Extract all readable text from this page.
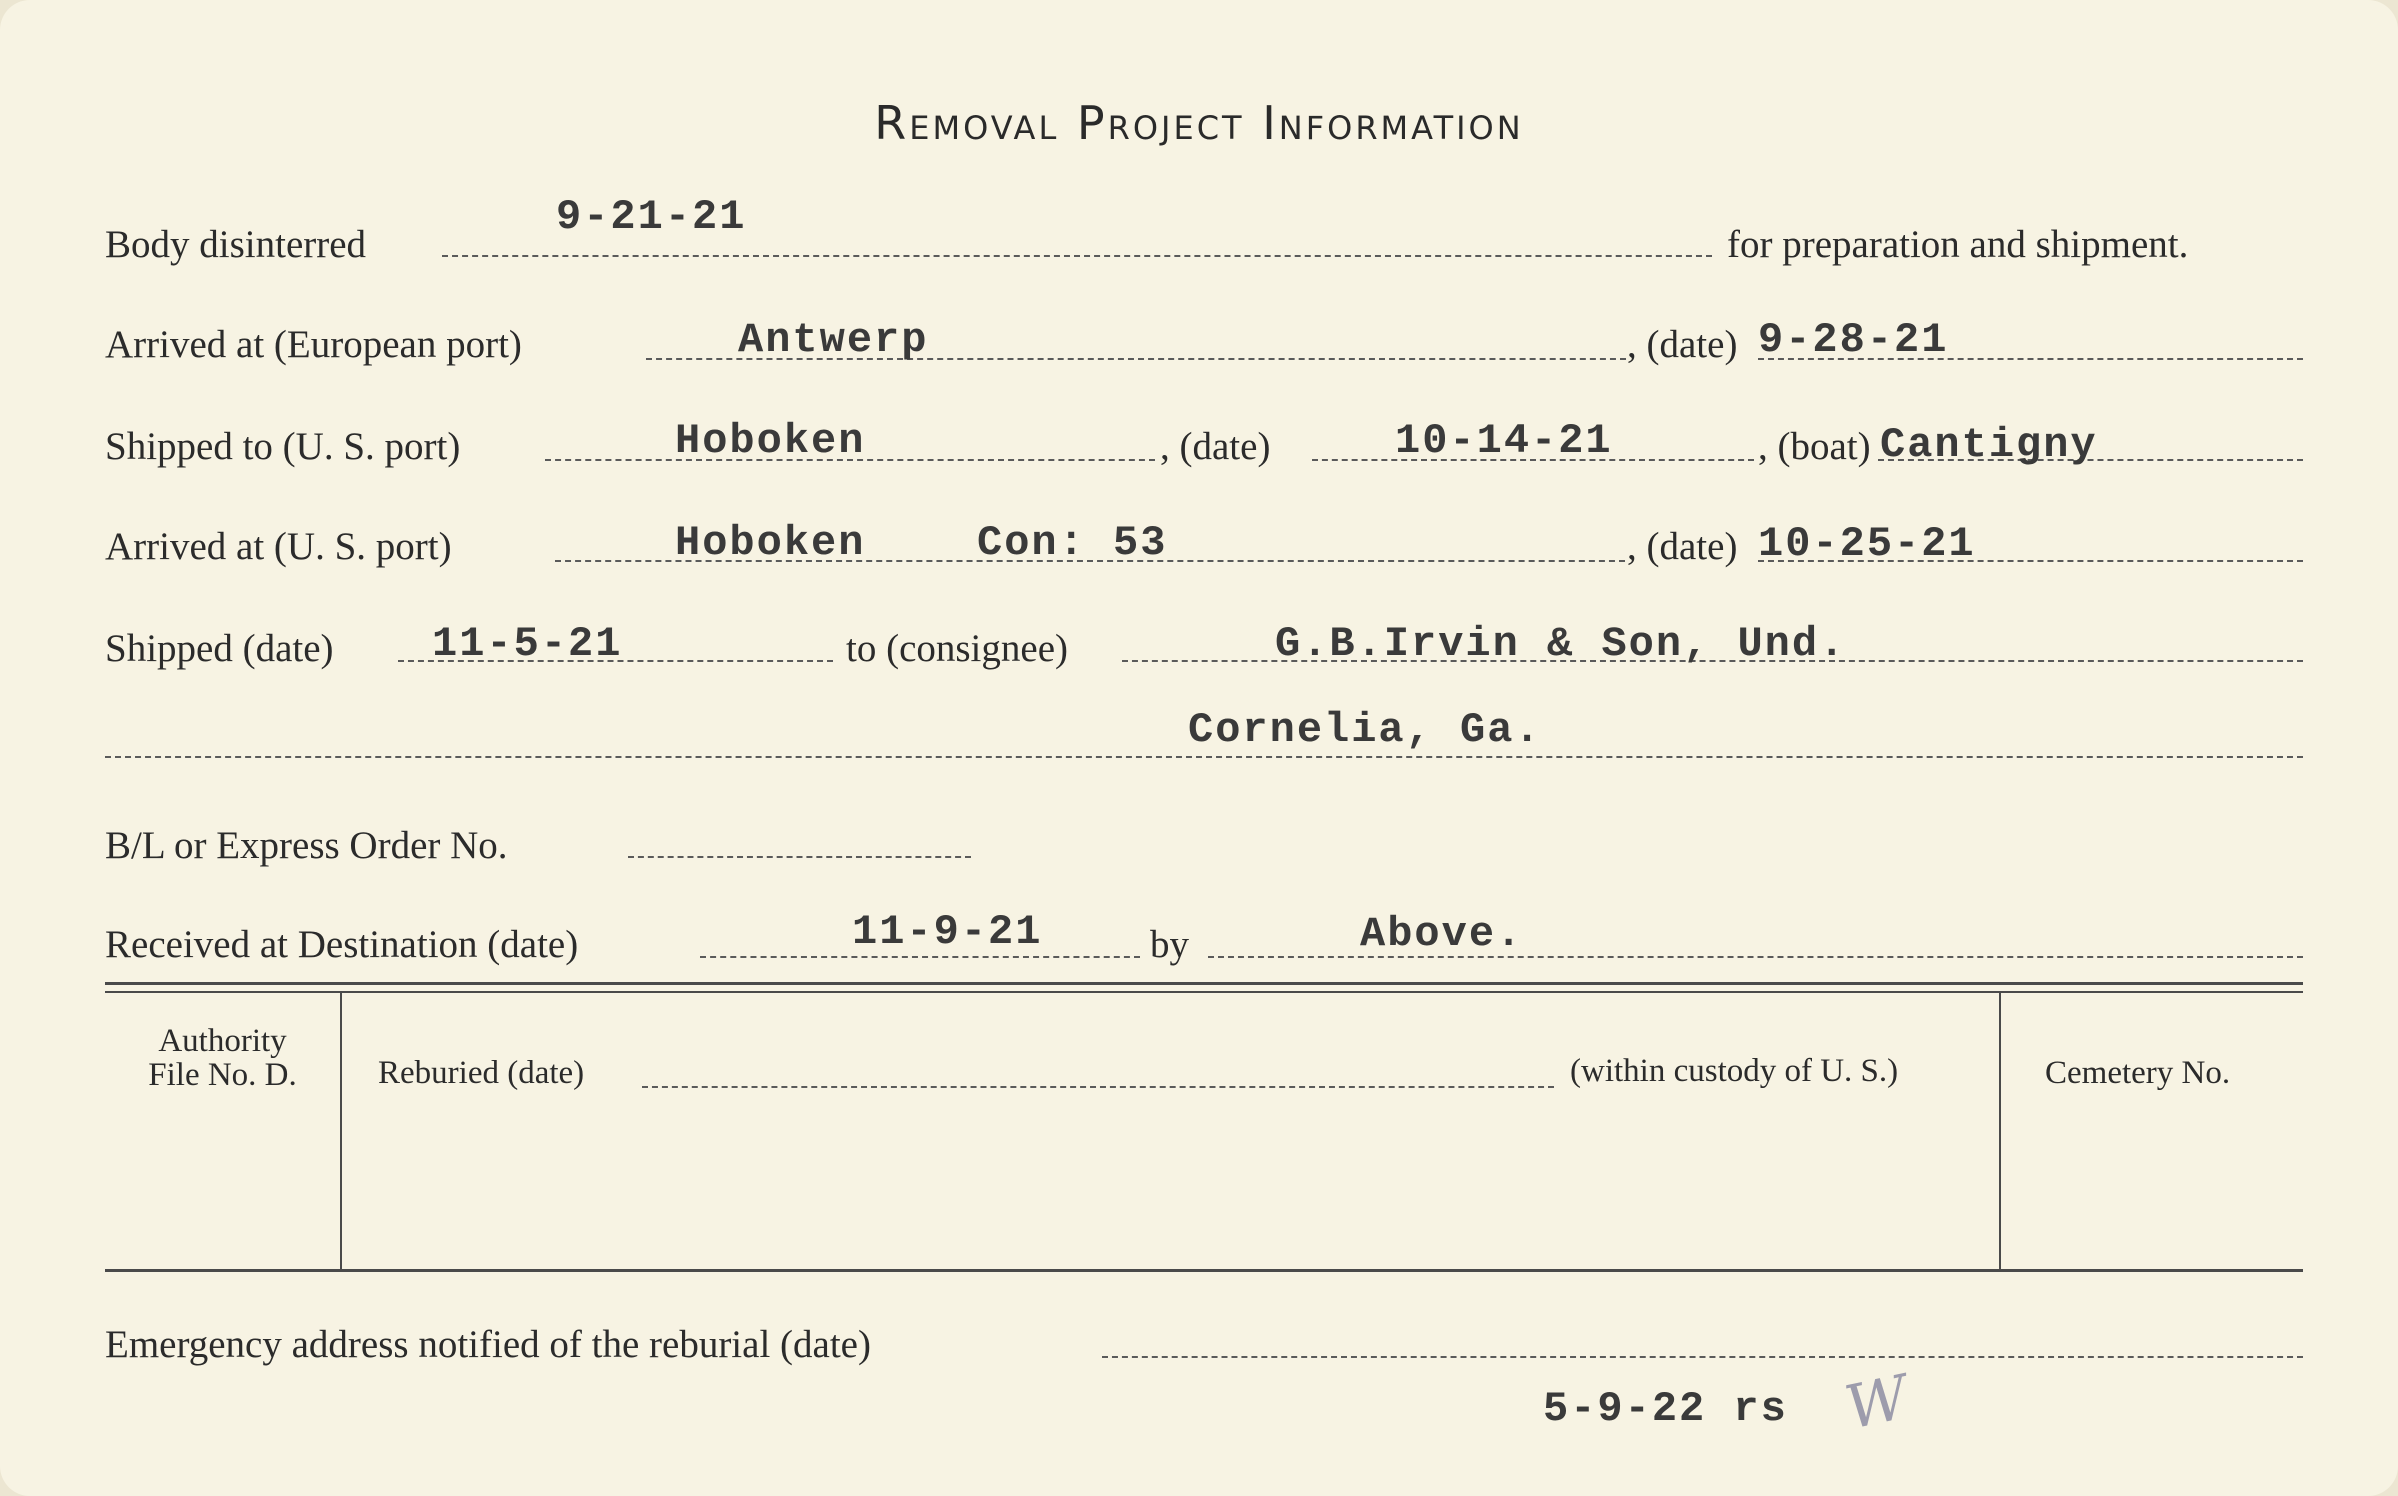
Removal Project Information
Body disinterred
9-21-21
for preparation and shipment.
Arrived at (European port)	Antwerp	, (date) 9-28-21
Shipped to (U. S. port)	Hoboken	, (date)	10-14-21	, (boat) Cantigny
Arrived at (U. S. port)	Hoboken	Con: 53	, (date) 10-25-21
Shipped (date) 11-5-21	to (consignee)	G.B.Irvin & Son, Und.
Cornelia, Ga.
B/L or Express Order No.
Received at Destination (date)	11-9-21	by	Above.
Authority
File No. D.	Reburied (date)	(within custody of U. S.)	Cemetery No.
Emergency address notified of the reburial (date)
5-9-22 rs W
